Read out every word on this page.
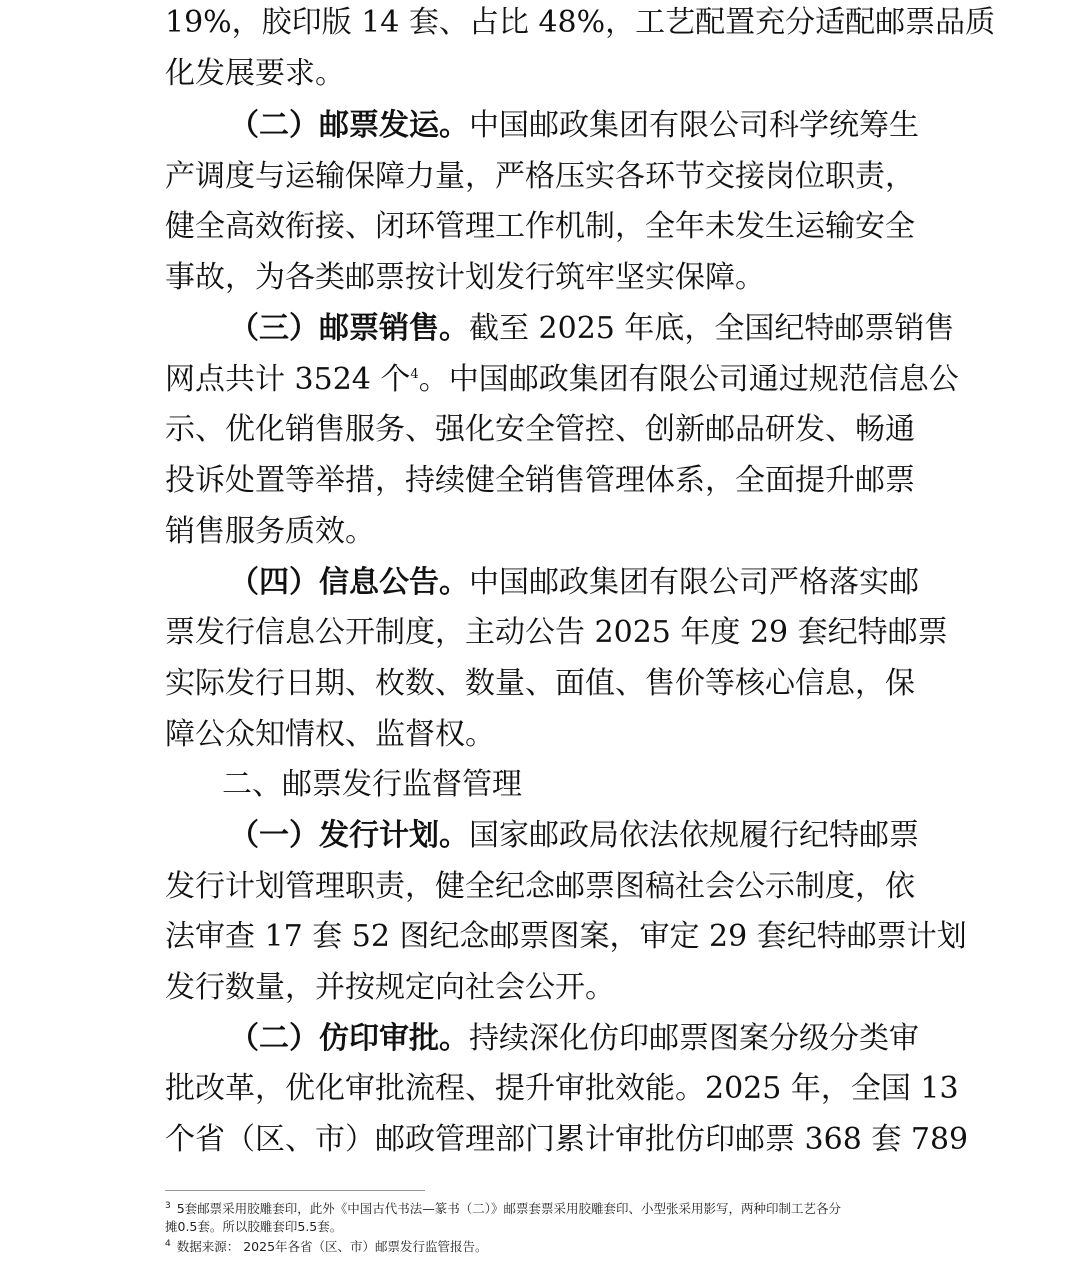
19%，胶印版 14 套、占比 48%，工艺配置充分适配邮票品质
化发展要求。
（二）邮票发运。中国邮政集团有限公司科学统筹生
产调度与运输保障力量，严格压实各环节交接岗位职责，
健全高效衔接、闭环管理工作机制，全年未发生运输安全
事故，为各类邮票按计划发行筑牢坚实保障。
（三）邮票销售。截至 2025 年底，全国纪特邮票销售
网点共计 3524 个$^4$。中国邮政集团有限公司通过规范信息公
示、优化销售服务、强化安全管控、创新邮品研发、畅通
投诉处置等举措，持续健全销售管理体系，全面提升邮票
销售服务质效。
（四）信息公告。中国邮政集团有限公司严格落实邮
票发行信息公开制度，主动公告 2025 年度 29 套纪特邮票
实际发行日期、枚数、数量、面值、售价等核心信息，保
障公众知情权、监督权。
二、邮票发行监督管理
（一）发行计划。国家邮政局依法依规履行纪特邮票
发行计划管理职责，健全纪念邮票图稿社会公示制度，依
法审查 17 套 52 图纪念邮票图案，审定 29 套纪特邮票计划
发行数量，并按规定向社会公开。
（二）仿印审批。持续深化仿印邮票图案分级分类审
批改革，优化审批流程、提升审批效能。2025 年，全国 13
个省（区、市）邮政管理部门累计审批仿印邮票 368 套 789
$^3$ 5套邮票采用胶雕套印，此外《中国古代书法—篆书（二）》邮票套票采用胶雕套印、小型张采用影写，两种印制工艺各分
摊0.5套。所以胶雕套印5.5套。
$^4$ 数据来源： 2025年各省（区、市）邮票发行监管报告。
